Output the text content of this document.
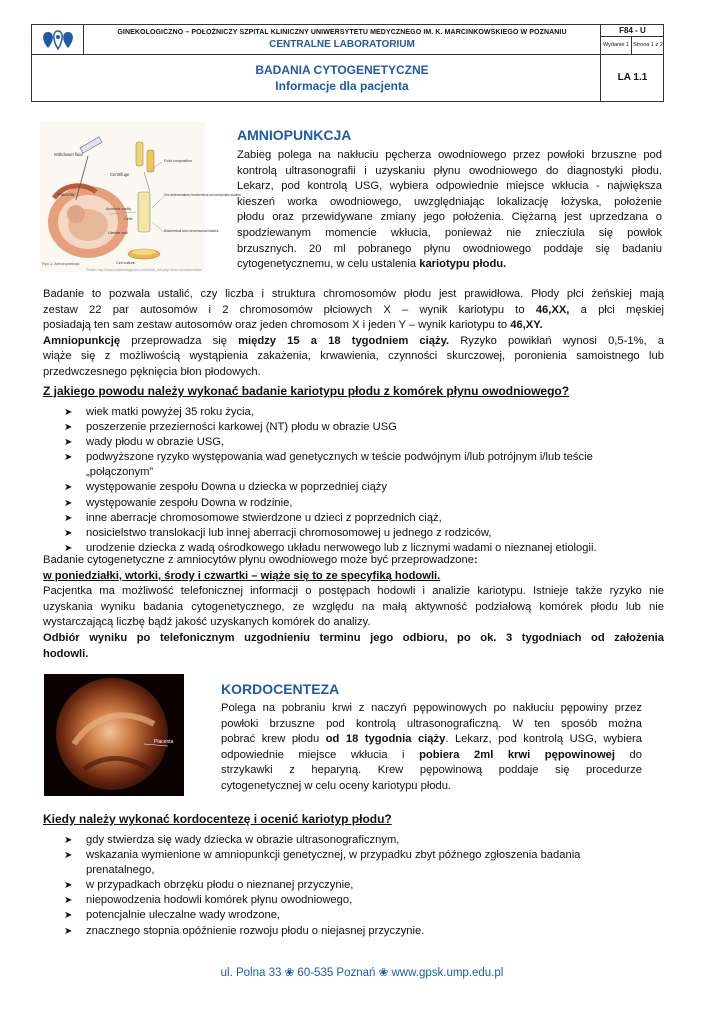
GINEKOLOGICZNO – POŁOŻNICZY SZPITAL KLINICZNY UNIWERSYTETU MEDYCZNEGO IM. K. MARCINKOWSKIEGO W POZNANIU
CENTRALNE LABORATORIUM
F84 - U
Wydanie 1 Strona 1 z 2
BADANIA CYTOGENETYCZNE
Informacje dla pacjenta
LA 1.1
Withdrawn fluid
Centrifuge
Fluid composition
Placenta	Sex determination; biochemical and enzymatic studies
Amniotic cavity
Cells
Uterine wall	Biochemical and chromosomal studies
Cell culture
Ryc.1. Amniopunkcja
Źródło: http://www.lookfordiagnosis.com/mesh_info.php?term=Amniocentesis
AMNIOPUNKCJA
Zabieg polega na nakłuciu pęcherza owodniowego przez powłoki brzuszne pod
kontrolą ultrasonografii i uzyskaniu płynu owodniowego do diagnostyki płodu.
Lekarz, pod kontrolą USG, wybiera odpowiednie miejsce wkłucia - największa
kieszeń worka owodniowego, uwzględniając lokalizację łożyska, położenie
płodu oraz przewidywane zmiany jego położenia. Ciężarną jest uprzedzana o
spodziewanym momencie wkłucia, ponieważ nie zniecziula się powłok
brzusznych. 20 ml pobranego płynu owodniowego poddaje się badaniu
cytogenetycznemu, w celu ustalenia kariotypu płodu.
Badanie to pozwala ustalić, czy liczba i struktura chromosomów płodu jest prawidłowa. Płody płci żeńskiej mają
zestaw 22 par autosomów i 2 chromosomów płciowych X – wynik kariotypu to 46,XX, a płci męskiej
posiadają ten sam zestaw autosomów oraz jeden chromosom X i jeden Y – wynik kariotypu to 46,XY.
Amniopunkcję przeprowadza się między 15 a 18 tygodniem ciąży. Ryzyko powikłań wynosi 0,5-1%, a
wiąże się z możliwością wystąpienia zakażenia, krwawienia, czynności skurczowej, poronienia samoistnego lub
przedwczesnego pęknięcia błon płodowych.
Z jakiego powodu należy wykonać badanie kariotypu płodu z komórek płynu owodniowego?
➤ wiek matki powyżej 35 roku życia,
➤ poszerzenie przezierności karkowej (NT) płodu w obrazie USG
➤ wady płodu w obrazie USG,
➤ podwyższone ryzyko występowania wad genetycznych w teście podwójnym i/lub potrójnym i/lub teście
„połączonym”
➤ występowanie zespołu Downa u dziecka w poprzedniej ciąży
➤ występowanie zespołu Downa w rodzinie,
➤ inne aberracje chromosomowe stwierdzone u dzieci z poprzednich ciąż,
➤ nosicielstwo translokacji lub innej aberracji chromosomowej u jednego z rodziców,
➤ urodzenie dziecka z wadą ośrodkowego układu nerwowego lub z licznymi wadami o nieznanej etiologii.
Badanie cytogenetyczne z amniocytów płynu owodniowego może być przeprowadzone:
w poniedziałki, wtorki, środy i czwartki – wiąże się to ze specyfiką hodowli.
Pacjentka ma możliwość telefonicznej informacji o postępach hodowli i analizie kariotypu. Istnieje także ryzyko nie
uzyskania wyniku badania cytogenetycznego, ze względu na małą aktywność podziałową komórek płodu lub nie
wystarczającą liczbę bądź jakość uzyskanych komórek do analizy.
Odbiór wyniku po telefonicznym uzgodnieniu terminu jego odbioru, po ok. 3 tygodniach od założenia
hodowli.
Placenta
KORDOCENTEZA
Polega na pobraniu krwi z naczyń pępowinowych po nakłuciu pępowiny przez
powłoki brzuszne pod kontrolą ultrasonograficzną. W ten sposób można
pobrać krew płodu od 18 tygodnia ciąży. Lekarz, pod kontrolą USG, wybiera
odpowiednie miejsce wkłucia i pobiera 2ml krwi pępowinowej do
strzykawki z heparyną. Krew pępowinową poddaje się procedurze
cytogenetycznej w celu oceny kariotypu płodu.
Kiedy należy wykonać kordocentezę i ocenić kariotyp płodu?
➤ gdy stwierdza się wady dziecka w obrazie ultrasonograficznym,
➤ wskazania wymienione w amniopunkcji genetycznej, w przypadku zbyt późnego zgłoszenia badania
prenatalnego,
➤ w przypadkach obrzęku płodu o nieznanej przyczynie,
➤ niepowodzenia hodowli komórek płynu owodniowego,
➤ potencjalnie uleczalne wady wrodzone,
➤ znacznego stopnia opóźnienie rozwoju płodu o niejasnej przyczynie.
ul. Polna 33 ❀ 60-535 Poznań ❀ www.gpsk.ump.edu.pl
